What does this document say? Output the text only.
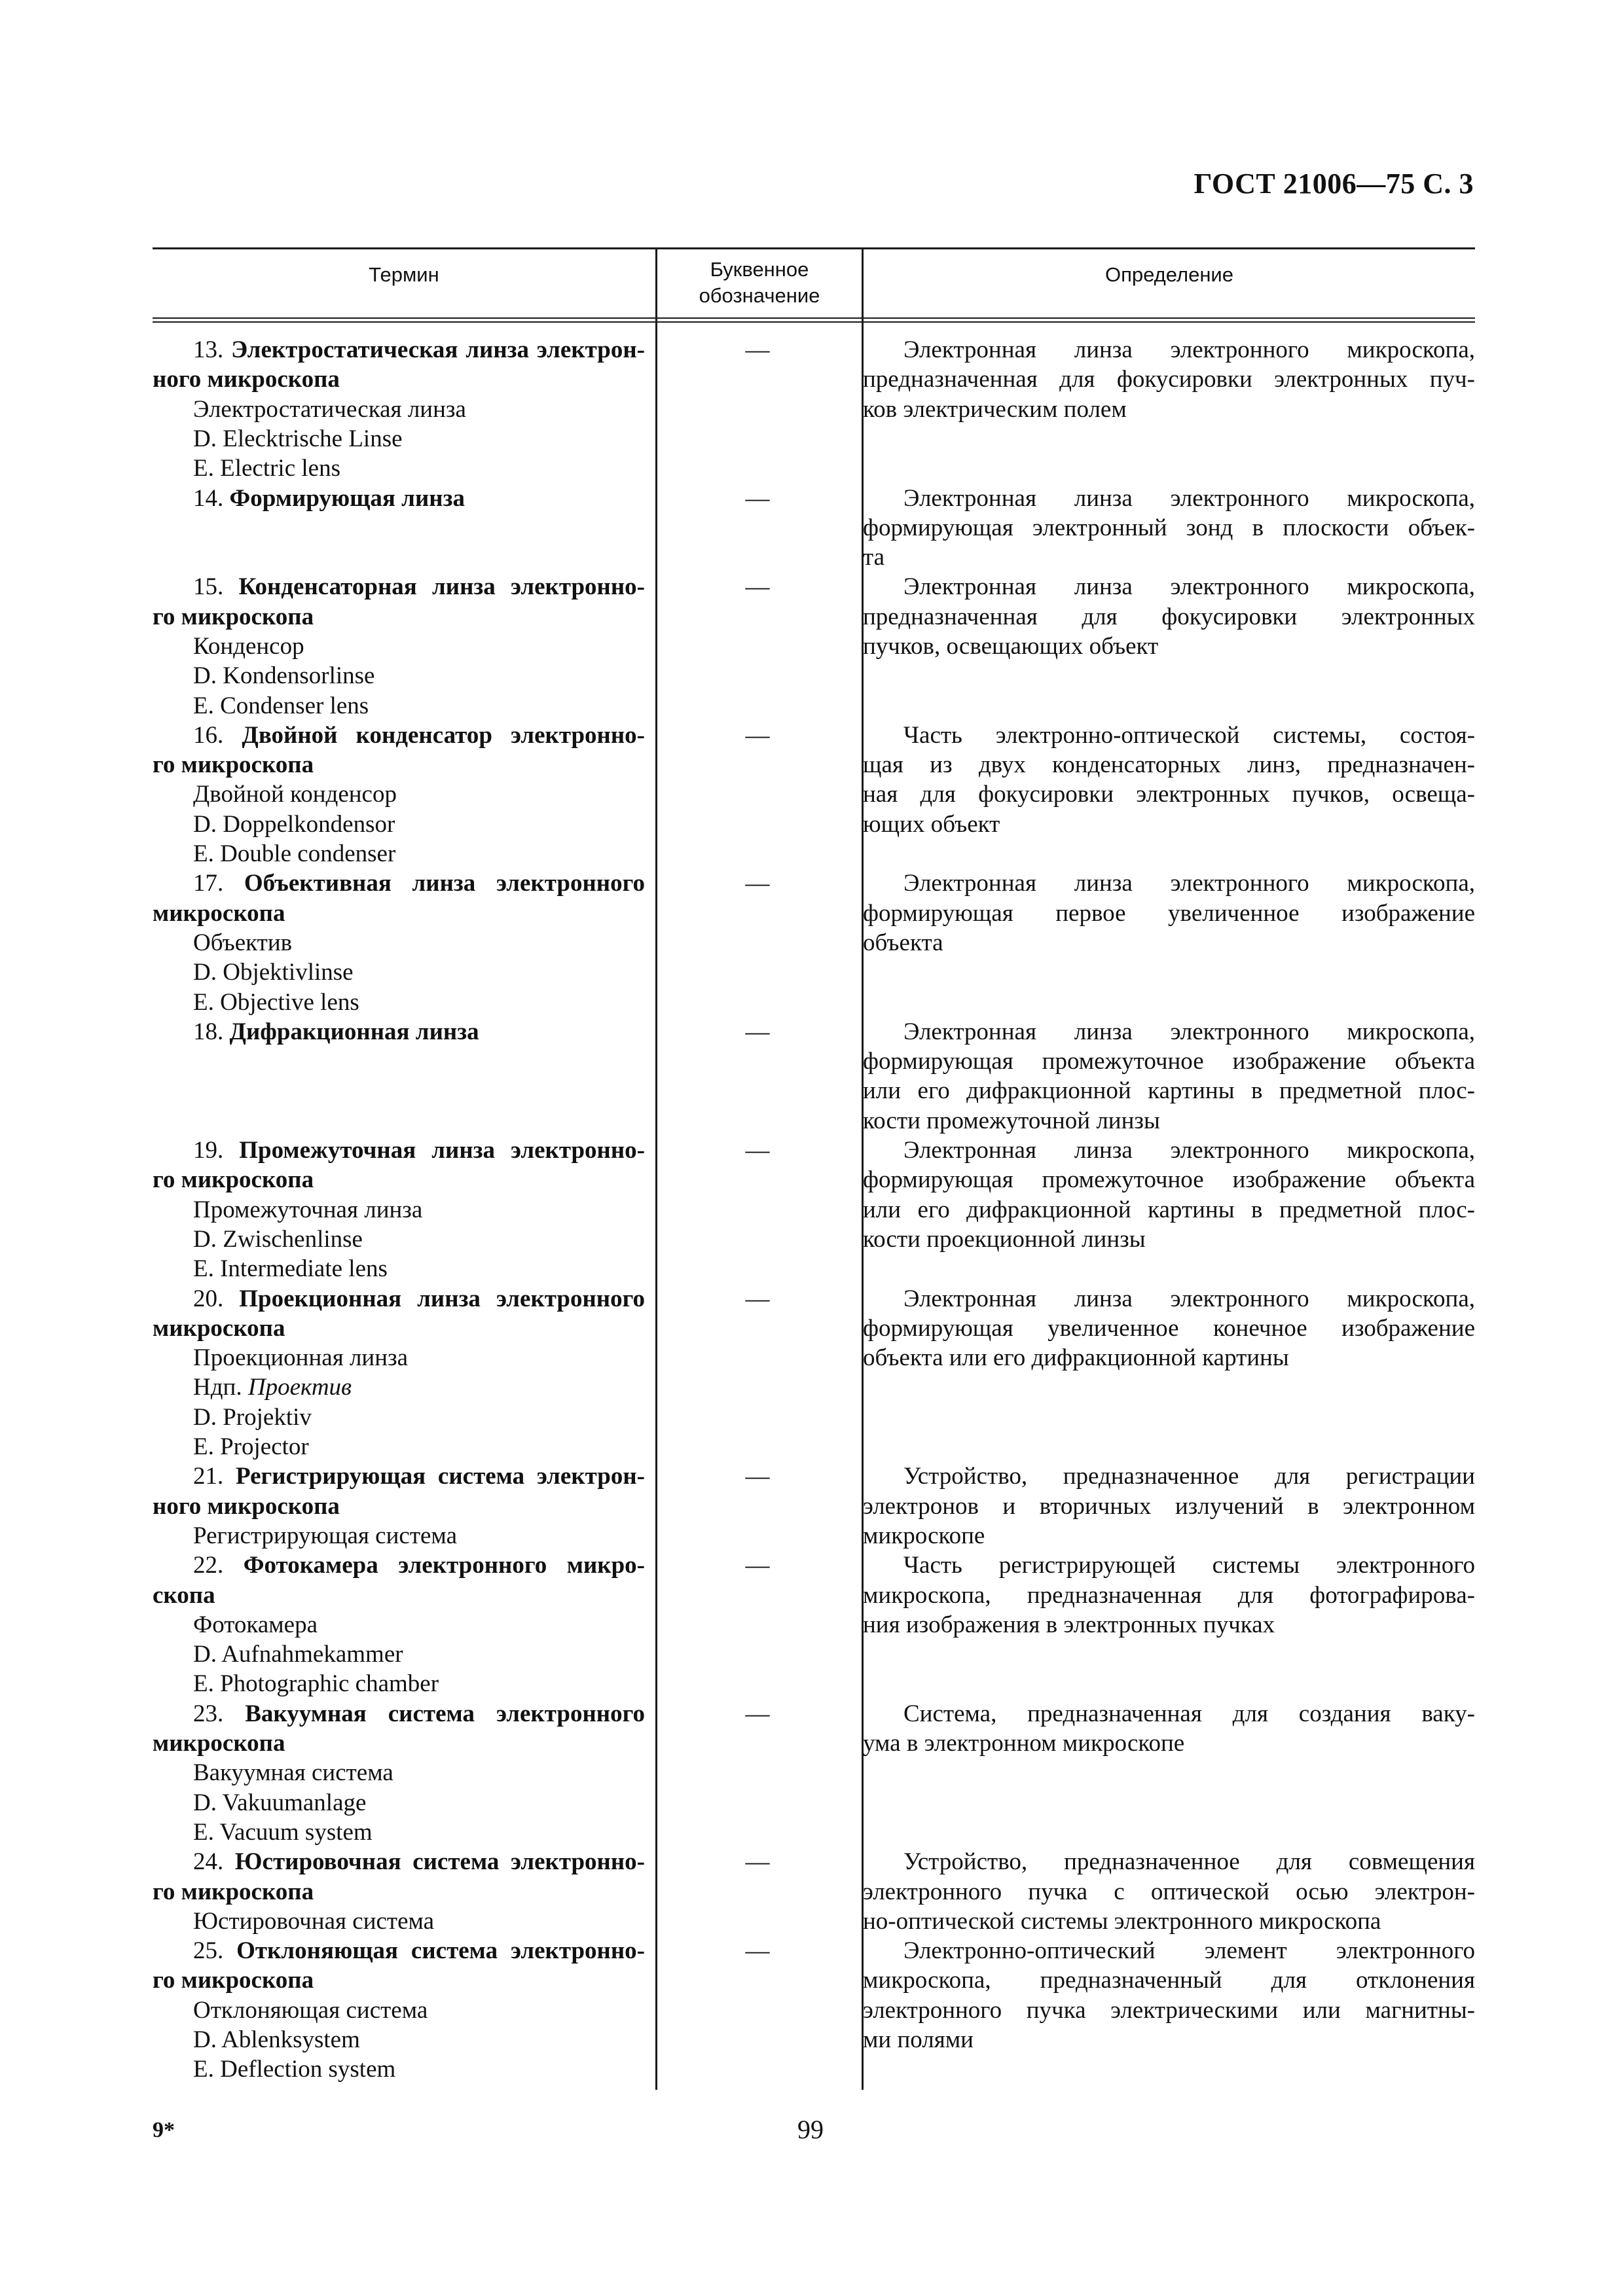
ГОСТ 21006—75 С. 3
Термин	Буквенное
обозначение
Определение
13. Электростатическая линза электрон-
ного микроскопа
Электростатическая линза
D. Elecktrische Linse
E. Electric lens
14. Формирующая линза
15. Конденсаторная линза электронно-
го микроскопа
Конденсор
D. Kondensorlinse
E. Condenser lens
16. Двойной конденсатор электронно-
го микроскопа
Двойной конденсор
D. Doppelkondensor
E. Double condenser
17. Объективная линза электронного
микроскопа
Объектив
D. Objektivlinse
E. Objective lens
18. Дифракционная линза
19. Промежуточная линза электронно-
го микроскопа
Промежуточная линза
D. Zwischenlinse
E. Intermediate lens
20. Проекционная линза электронного
микроскопа
Проекционная линза
Ндп. Проектив
D. Projektiv
E. Projector
21. Регистрирующая система электрон-
ного микроскопа
Регистрирующая система
22. Фотокамера электронного микро-
скопа
Фотокамера
D. Aufnahmekammer
E. Photographic chamber
23. Вакуумная система электронного
микроскопа
Вакуумная система
D. Vakuumanlage
E. Vacuum system
24. Юстировочная система электронно-
го микроскопа
Юстировочная система
25. Отклоняющая система электронно-
го микроскопа
Отклоняющая система
D. Ablenksystem
E. Deflection system
—
—
—
—
—
—
—
—
—
—
—
—
—
Электронная линза электронного микроскопа,
предназначенная для фокусировки электронных пуч-
ков электрическим полем
Электронная линза электронного микроскопа,
формирующая электронный зонд в плоскости объек-
та
Электронная линза электронного микроскопа,
предназначенная для фокусировки электронных
пучков, освещающих объект
Часть электронно-оптической системы, состоя-
щая из двух конденсаторных линз, предназначен-
ная для фокусировки электронных пучков, освеща-
ющих объект
Электронная линза электронного микроскопа,
формирующая первое увеличенное изображение
объекта
Электронная линза электронного микроскопа,
формирующая промежуточное изображение объекта
или его дифракционной картины в предметной плос-
кости промежуточной линзы
Электронная линза электронного микроскопа,
формирующая промежуточное изображение объекта
или его дифракционной картины в предметной плос-
кости проекционной линзы
Электронная линза электронного микроскопа,
формирующая увеличенное конечное изображение
объекта или его дифракционной картины
Устройство, предназначенное для регистрации
электронов и вторичных излучений в электронном
микроскопе
Часть регистрирующей системы электронного
микроскопа, предназначенная для фотографирова-
ния изображения в электронных пучках
Система, предназначенная для создания ваку-
ума в электронном микроскопе
Устройство, предназначенное для совмещения
электронного пучка с оптической осью электрон-
но-оптической системы электронного микроскопа
Электронно-оптический элемент электронного
микроскопа, предназначенный для отклонения
электронного пучка электрическими или магнитны-
ми полями
9*	99
